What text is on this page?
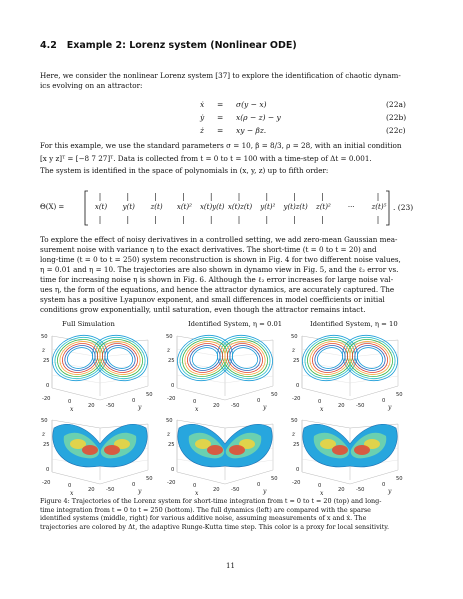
4.2 Example 2: Lorenz system (Nonlinear ODE)
Here, we consider the nonlinear Lorenz system [37] to explore the identification of chaotic dynam-
ics evolving on an attractor:
ẋ = σ(y − x)	(22a)
ẏ = x(ρ − z) − y	(22b)
ż = xy − βz.	(22c)
For this example, we use the standard parameters σ = 10, β = 8/3, ρ = 28, with an initial condition
[x y z]ᵀ = [−8 7 27]ᵀ. Data is collected from t = 0 to t = 100 with a time-step of Δt = 0.001.
The system is identified in the space of polynomials in (x, y, z) up to fifth order:
Θ(X) =	x(t)	y(t)	z(t)	x(t)²	x(t)y(t) x(t)z(t)	y(t)²	y(t)z(t)	z(t)²	···	z(t)⁵ . (23)
To explore the effect of noisy derivatives in a controlled setting, we add zero-mean Gaussian mea-
surement noise with variance η to the exact derivatives. The short-time (t = 0 to t = 20) and
long-time (t = 0 to t = 250) system reconstruction is shown in Fig. 4 for two different noise values,
η = 0.01 and η = 10. The trajectories are also shown in dynamo view in Fig. 5, and the ℓ₂ error vs.
time for increasing noise η is shown in Fig. 6. Although the ℓ₂ error increases for large noise val-
ues η, the form of the equations, and hence the attractor dynamics, are accurately captured. The
system has a positive Lyapunov exponent, and small differences in model coefficients or initial
conditions grow exponentially, until saturation, even though the attractor remains intact.
Full Simulation	Identified System, η = 0.01	Identified System, η = 10
50
25
0
z
-20	0
20
x	-50
0
50
y
50
25
0
z
-20	0
20
x	-50
0
50
y
50
25
0
z
-20	0
20
x	-50
0
50
y
50
25
0
z
-20	0
20
x	-50
0
50
y
50
25
0
z
-20	0
20
x	-50
0
50
y
50
25
0
z
-20	0
20
x	-50
0
50
y
Figure 4: Trajectories of the Lorenz system for short-time integration from t = 0 to t = 20 (top) and long-
time integration from t = 0 to t = 250 (bottom). The full dynamics (left) are compared with the sparse
identified systems (middle, right) for various additive noise, assuming measurements of x and ẋ. The
trajectories are colored by Δt, the adaptive Runge-Kutta time step. This color is a proxy for local sensitivity.
11
